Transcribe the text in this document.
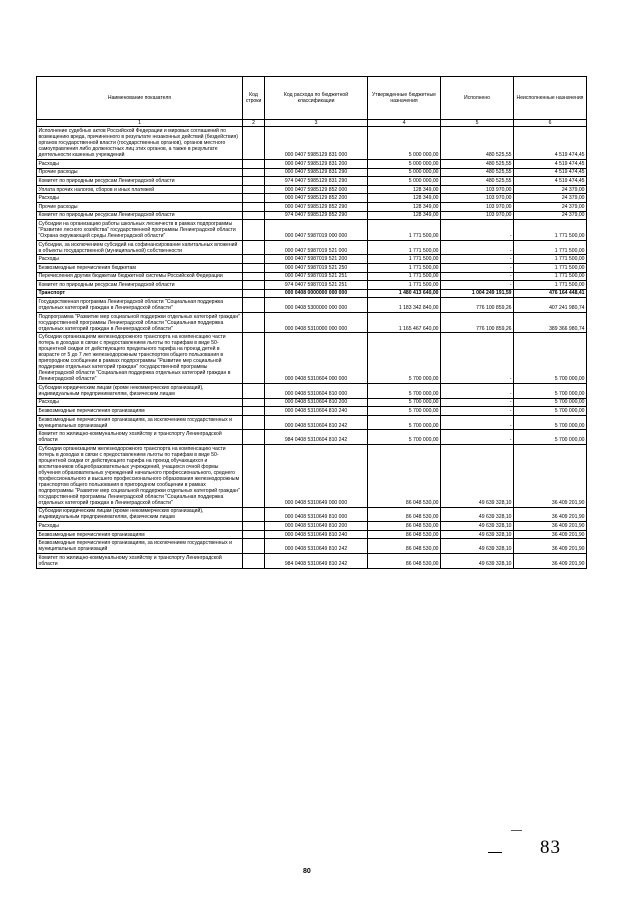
Наименование показателя	Код строки	Код расхода по бюджетной классификации	Утвержденные бюджетные назначения	Исполнено	Неисполненные назначения
1	2	3	4	5	6
Исполнение судебных актов Российской Федерации и мировых соглашений по возмещению вреда, причиненного в результате незаконных действий (бездействия) органов государственной власти (государственных органов), органов местного самоуправления либо должностных лиц этих органов, а также в результате деятельности казенных учреждений		000 0407 5985129 831 000	5 000 000,00	480 525,55	4 519 474,45
Расходы		000 0407 5985129 831 200	5 000 000,00	480 525,55	4 519 474,45
Прочие расходы		000 0407 5985129 831 290	5 000 000,00	480 525,55	4 519 474,45
Комитет по природным ресурсам Ленинградской области		974 0407 5985129 831 290	5 000 000,00	480 525,55	4 519 474,45
Уплата прочих налогов, сборов и иных платежей		000 0407 5985129 852 000	128 349,00	103 970,00	24 379,00
Расходы		000 0407 5985129 852 200	128 349,00	103 970,00	24 379,00
Прочие расходы		000 0407 5985129 852 290	128 349,00	103 970,00	24 379,00
Комитет по природным ресурсам Ленинградской области		974 0407 5985129 852 290	128 349,00	103 970,00	24 379,00
Субсидии на организацию работы школьных лесничеств в рамках подпрограммы "Развитие лесного хозяйства" государственной программы Ленинградской области "Охрана окружающей среды Ленинградской области"		000 0407 5987019 000 000	1 771 500,00	-	1 771 500,00
Субсидии, за исключением субсидий на софинансирование капитальных вложений в объекты государственной (муниципальной) собственности		000 0407 5987019 521 000	1 771 500,00	-	1 771 500,00
Расходы		000 0407 5987019 521 200	1 771 500,00	-	1 771 500,00
Безвозмездные перечисления бюджетам		000 0407 5987019 521 250	1 771 500,00	-	1 771 500,00
Перечисления другим бюджетам бюджетной системы Российской Федерации		000 0407 5987019 521 251	1 771 500,00	-	1 771 500,00
Комитет по природным ресурсам Ленинградской области		974 0407 5987019 521 251	1 771 500,00	-	1 771 500,00
Транспорт		000 0408 0000000 000 000	1 480 413 640,00	1 004 249 191,59	476 164 448,41
Государственная программа Ленинградской области "Социальная поддержка отдельных категорий граждан в Ленинградской области"		000 0408 5300000 000 000	1 183 342 840,00	776 100 859,26	407 241 980,74
Подпрограмма "Развитие мер социальной поддержки отдельных категорий граждан" государственной программы Ленинградской области "Социальная поддержка отдельных категорий граждан в Ленинградской области"		000 0408 5310000 000 000	1 165 467 640,00	776 100 859,26	389 366 980,74
Субсидии организациям железнодорожного транспорта на компенсацию части потерь в доходах в связи с предоставлением льготы по тарифам в виде 50-процентной скидки от действующего предельного тарифа на проезд детей в возрасте от 5 до 7 лет железнодорожным транспортом общего пользования в пригородном сообщении в рамках подпрограммы "Развитие мер социальной поддержки отдельных категорий граждан" государственной программы Ленинградской области "Социальная поддержка отдельных категорий граждан в Ленинградской области"		000 0408 5310604 000 000	5 700 000,00	-	5 700 000,00
Субсидии юридическим лицам (кроме некоммерческих организаций), индивидуальным предпринимателям, физическим лицам		000 0408 5310604 810 000	5 700 000,00	-	5 700 000,00
Расходы		000 0408 5310604 810 200	5 700 000,00	-	5 700 000,00
Безвозмездные перечисления организациям		000 0408 5310604 810 240	5 700 000,00	-	5 700 000,00
Безвозмездные перечисления организациям, за исключением государственных и муниципальных организаций		000 0408 5310604 810 242	5 700 000,00	-	5 700 000,00
Комитет по жилищно-коммунальному хозяйству и транспорту Ленинградской области		984 0408 5310604 810 242	5 700 000,00	-	5 700 000,00
Субсидии организациям железнодорожного транспорта на компенсацию части потерь в доходах в связи с предоставлением льготы по тарифам в виде 50-процентной скидки от действующего тарифа на проезд обучающихся и воспитанников общеобразовательных учреждений, учащихся очной формы обучения образовательных учреждений начального профессионального, среднего профессионального и высшего профессионального образования железнодорожным транспортом общего пользования в пригородном сообщении в рамках подпрограммы "Развитие мер социальной поддержки отдельных категорий граждан" государственной программы Ленинградской области "Социальная поддержка отдельных категорий граждан в Ленинградской области"		000 0408 5310649 000 000	86 048 530,00	49 639 328,10	36 409 201,90
Субсидии юридическим лицам (кроме некоммерческих организаций), индивидуальным предпринимателям, физическим лицам		000 0408 5310649 810 000	86 048 530,00	49 639 328,10	36 409 201,90
Расходы		000 0408 5310649 810 200	86 048 530,00	49 639 328,10	36 409 201,90
Безвозмездные перечисления организациям		000 0408 5310649 810 240	86 048 530,00	49 639 328,10	36 409 201,90
Безвозмездные перечисления организациям, за исключением государственных и муниципальных организаций		000 0408 5310649 810 242	86 048 530,00	49 639 328,10	36 409 201,90
Комитет по жилищно-коммунальному хозяйству и транспорту Ленинградской области		984 0408 5310649 810 242	86 048 530,00	49 639 328,10	36 409 201,90
83
80
